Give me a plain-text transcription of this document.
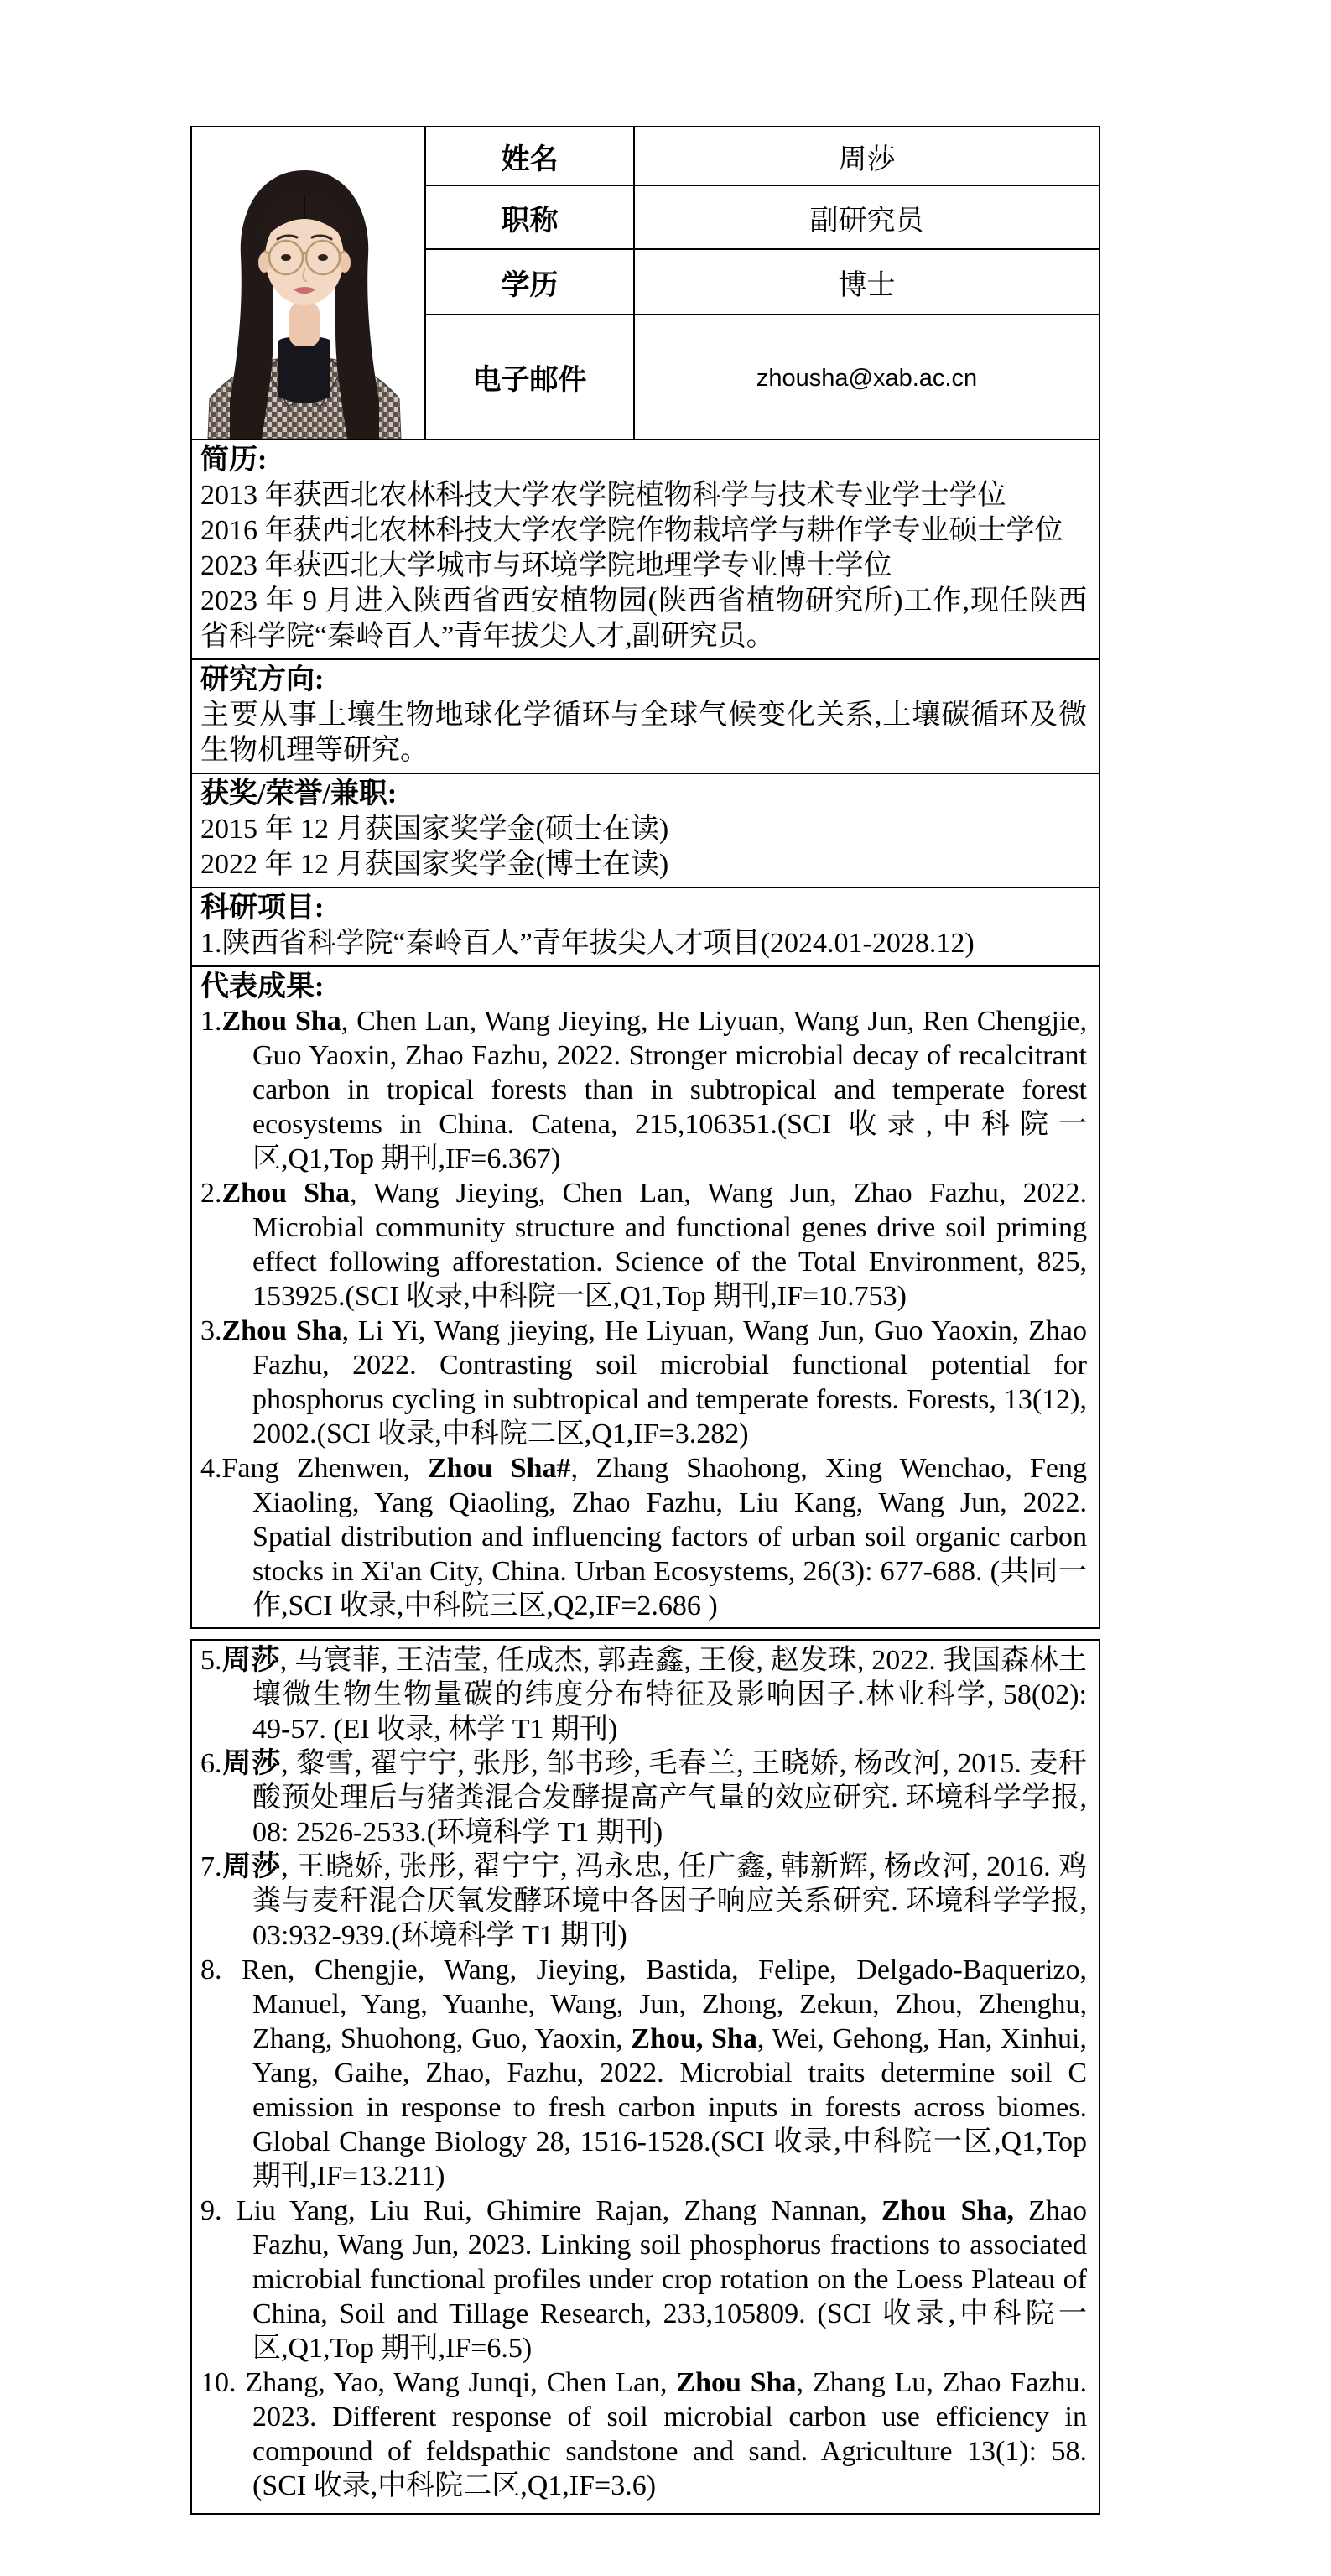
	姓名	周莎
	职称	副研究员
	学历	博士
	电子邮件	zhousha@xab.ac.cn
简历:
2013 年获西北农林科技大学农学院植物科学与技术专业学士学位
2016 年获西北农林科技大学农学院作物栽培学与耕作学专业硕士学位
2023 年获西北大学城市与环境学院地理学专业博士学位
2023 年 9 月进入陕西省西安植物园(陕西省植物研究所)工作,现任陕西省科学院“秦岭百人”青年拔尖人才,副研究员。
研究方向:
主要从事土壤生物地球化学循环与全球气候变化关系,土壤碳循环及微生物机理等研究。
获奖/荣誉/兼职:
2015 年 12 月获国家奖学金(硕士在读)
2022 年 12 月获国家奖学金(博士在读)
科研项目:
1.陕西省科学院“秦岭百人”青年拔尖人才项目(2024.01-2028.12)
代表成果:

1.Zhou Sha, Chen Lan, Wang Jieying, He Liyuan, Wang Jun, Ren Chengjie, Guo Yaoxin, Zhao Fazhu, 2022. Stronger microbial decay of recalcitrant carbon in tropical forests than in subtropical and temperate forest ecosystems in China. Catena, 215,106351.(SCI 收录,中科院一区,Q1,Top 期刊,IF=6.367)

2.Zhou Sha, Wang Jieying, Chen Lan, Wang Jun, Zhao Fazhu, 2022. Microbial community structure and functional genes drive soil priming effect following afforestation. Science of the Total Environment, 825, 153925.(SCI 收录,中科院一区,Q1,Top 期刊,IF=10.753)

3.Zhou Sha, Li Yi, Wang jieying, He Liyuan, Wang Jun, Guo Yaoxin, Zhao Fazhu, 2022. Contrasting soil microbial functional potential for phosphorus cycling in subtropical and temperate forests. Forests, 13(12), 2002.(SCI 收录,中科院二区,Q1,IF=3.282)

4.Fang Zhenwen, Zhou Sha#, Zhang Shaohong, Xing Wenchao, Feng Xiaoling, Yang Qiaoling, Zhao Fazhu, Liu Kang, Wang Jun, 2022. Spatial distribution and influencing factors of urban soil organic carbon stocks in Xi'an City, China. Urban Ecosystems, 26(3): 677-688. (共同一作,SCI 收录,中科院三区,Q2,IF=2.686 )

5.周莎, 马寰菲, 王洁莹, 任成杰, 郭垚鑫, 王俊, 赵发珠, 2022. 我国森林土壤微生物生物量碳的纬度分布特征及影响因子.林业科学, 58(02): 49-57. (EI 收录, 林学 T1 期刊)

6.周莎, 黎雪, 翟宁宁, 张彤, 邹书珍, 毛春兰, 王晓娇, 杨改河, 2015. 麦秆酸预处理后与猪粪混合发酵提高产气量的效应研究. 环境科学学报, 08: 2526-2533.(环境科学 T1 期刊)

7.周莎, 王晓娇, 张彤, 翟宁宁, 冯永忠, 任广鑫, 韩新辉, 杨改河, 2016. 鸡粪与麦秆混合厌氧发酵环境中各因子响应关系研究. 环境科学学报, 03:932-939.(环境科学 T1 期刊)

8. Ren, Chengjie, Wang, Jieying, Bastida, Felipe, Delgado-Baquerizo, Manuel, Yang, Yuanhe, Wang, Jun, Zhong, Zekun, Zhou, Zhenghu, Zhang, Shuohong, Guo, Yaoxin, Zhou, Sha, Wei, Gehong, Han, Xinhui, Yang, Gaihe, Zhao, Fazhu, 2022. Microbial traits determine soil C emission in response to fresh carbon inputs in forests across biomes. Global Change Biology 28, 1516-1528.(SCI 收录,中科院一区,Q1,Top 期刊,IF=13.211)

9. Liu Yang, Liu Rui, Ghimire Rajan, Zhang Nannan, Zhou Sha, Zhao Fazhu, Wang Jun, 2023. Linking soil phosphorus fractions to associated microbial functional profiles under crop rotation on the Loess Plateau of China, Soil and Tillage Research, 233,105809. (SCI 收录,中科院一区,Q1,Top 期刊,IF=6.5)

10. Zhang, Yao, Wang Junqi, Chen Lan, Zhou Sha, Zhang Lu, Zhao Fazhu. 2023. Different response of soil microbial carbon use efficiency in compound of feldspathic sandstone and sand. Agriculture 13(1): 58. (SCI 收录,中科院二区,Q1,IF=3.6)
